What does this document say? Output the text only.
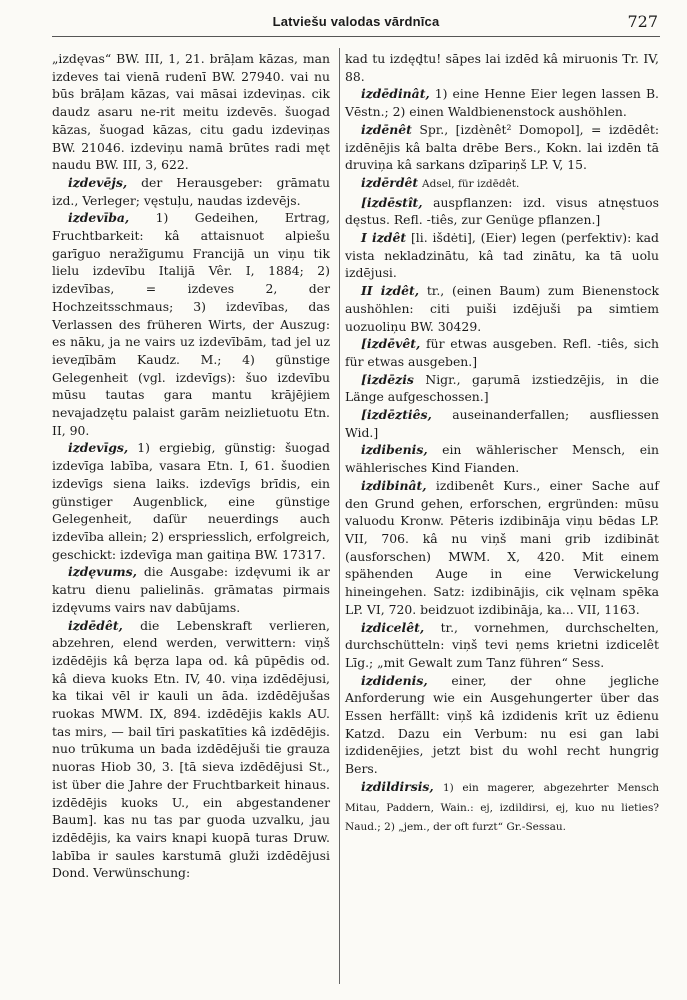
Latviešu valodas vārdnīca	727

„izdęvas“ BW. III, 1, 21. brāļam kāzas, man izdeves tai vienā rudenī BW. 27940. vai nu būs brāļam kāzas, vai māsai izdeviņas. cik daudz asaru ne-rit meitu izdevēs. šuogad kāzas, šuogad kāzas, citu gadu izdeviņas BW. 21046. izdeviņu namā brūtes radi męt naudu BW. III, 3, 622.

izdevējs, der Herausgeber: grāmatu izd., Verleger; vęstuļu, naudas izdevējs.

izdevība, 1) Gedeihen, Ertrag, Fruchtbarkeit: kâ attaisnuot alpiešu garīguo neražīgumu Francijā un viņu tik lielu izdevību Italijā Vêr. I, 1884; 2) izdevības, = izdeves 2, der Hochzeitsschmaus; 3) izdevības, das Verlassen des früheren Wirts, der Auszug: es nāku, ja ne vairs uz izdevībām, tad jel uz ieveдībām Kaudz. M.; 4) günstige Gelegenheit (vgl. izdevīgs): šuo izdevību mūsu tautas gara mantu krājējiem nevajadzętu palaist garām neizlietuotu Etn. II, 90.

izdevīgs, 1) ergiebig, günstig: šuogad izdevīga labība, vasara Etn. I, 61. šuodien izdevīgs siena laiks. izdevīgs brīdis, ein günstiger Augenblick, eine günstige Gelegenheit, daſür neuerdings auch izdevība allein; 2) erspriesslich, erfolgreich, geschickt: izdevīga man gaitiņa BW. 17317.

izdęvums, die Ausgabe: izdęvumi ik ar katru dienu palielinās. grāmatas pirmais izdęvums vairs nav dabūjams.

izdēdêt, die Lebenskraft verlieren, abzehren, elend werden, verwittern: viņš izdēdējis kâ bęrza lapa od. kâ pūpēdis od. kâ dieva kuoks Etn. IV, 40. viņa izdēdējusi, ka tikai vēl ir kauli un āda. izdēdējušas ruokas MWM. IX, 894. izdēdējis kakls AU. tas mirs, — bail tīri paskatīties kâ izdēdējis. nuo trūkuma un bada izdēdējuši tie grauza nuoras Hiob 30, 3. [tā sieva izdēdējusi St., ist über die Jahre der Fruchtbarkeit hinaus. izdēdējis kuoks U., ein abgestandener Baum]. kas nu tas par guoda uzvalku, jau izdēdējis, ka vairs knapi kuopā turas Druw. labība ir saules karstumā gluži izdēdējusi Dond. Verwünschung:

kad tu izdęd̨tu! sāpes lai izdēd kâ miruonis Tr. IV, 88.

izdēdinât, 1) eine Henne Eier legen lassen B. Vēstn.; 2) einen Waldbienenstock aushöhlen.

izdēnêt Spr., [izdènêt² Domopol], = izdēdêt: izdēnējis kâ balta drēbe Bers., Kokn. lai izdēn tā druviņa kâ sarkans dzīpariņš LP. V, 15.

izdērdêt Adsel, für izdēdêt.

[izdēstît, auspflanzen: izd. visus atnęstuos dęstus. Refl. -tiês, zur Genüge pflanzen.]

I izdêt [li. išdėti], (Eier) legen (perfektiv): kad vista nekladzinātu, kâ tad zinātu, ka tā uolu izdējusi.

II izdêt, tr., (einen Baum) zum Bienenstock aushöhlen: citi puiši izdējuši pa simtiem uozuoliņu BW. 30429.

[izdēvêt, für etwas ausgeben. Refl. -tiês, sich für etwas ausgeben.]

[izdēzis Nigr., gaŗumā izstiedzējis, in die Länge aufgeschossen.]

[izdēztiês, auseinanderfallen; ausfliessen Wid.]

izdibenis, ein wählerischer Mensch, ein wählerisches Kind Fianden.

izdibinât, izdibenêt Kurs., einer Sache auf den Grund gehen, erforschen, ergründen: mūsu valuodu Kronw. Pēteris izdibināja viņu bēdas LP. VII, 706. kâ nu viņš mani grib izdibināt (ausforschen) MWM. X, 420. Mit einem spähenden Auge in eine Verwickelung hineingehen. Satz: izdibinājis, cik vęlnam spēka LP. VI, 720. beidzuot izdibināja, ka... VII, 1163.

izdicelêt, tr., vornehmen, durchschelten, durchschütteln: viņš tevi ņems krietni izdicelêt Līg.; „mit Gewalt zum Tanz führen“ Sess.

izdidenis, einer, der ohne jegliche Anforderung wie ein Ausgehungerter über das Essen herfällt: viņš kâ izdidenis krīt uz ēdienu Katzd. Dazu ein Verbum: nu esi gan labi izdidenējies, jetzt bist du wohl recht hungrig Bers.

izdildirsis, 1) ein magerer, abgezehrter Mensch Mitau, Paddern, Wain.: ej, izdildirsi, ej, kuo nu lieties? Naud.; 2) „jem., der oft furzt“ Gr.-Sessau.
